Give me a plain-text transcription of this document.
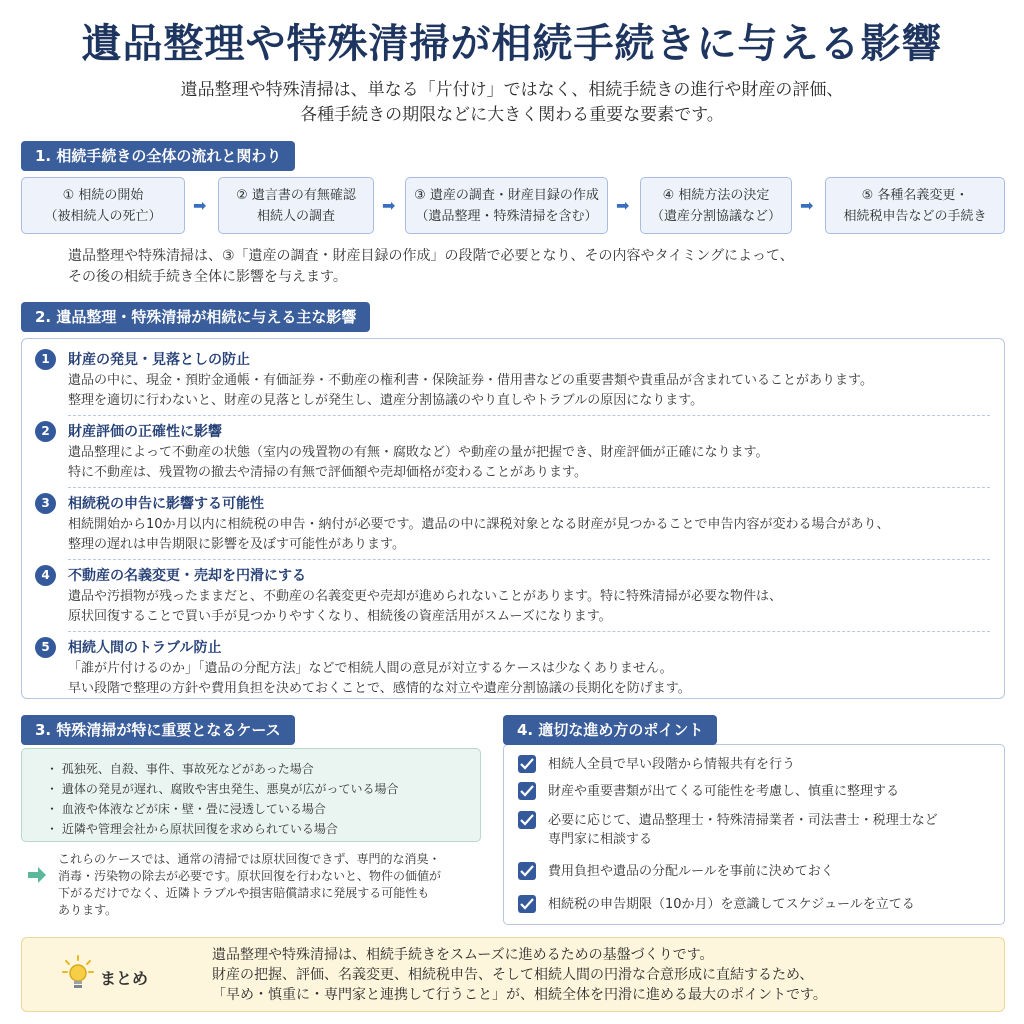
遺品整理や特殊清掃が相続手続きに与える影響
遺品整理や特殊清掃は、単なる「片付け」ではなく、相続手続きの進行や財産の評価、
各種手続きの期限などに大きく関わる重要な要素です。
1. 相続手続きの全体の流れと関わり
① 相続の開始
（被相続人の死亡）
➡
② 遺言書の有無確認
相続人の調査
➡
③ 遺産の調査・財産目録の作成
（遺品整理・特殊清掃を含む）
➡
④ 相続方法の決定
（遺産分割協議など）
➡
⑤ 各種名義変更・
相続税申告などの手続き
遺品整理や特殊清掃は、③「遺産の調査・財産目録の作成」の段階で必要となり、その内容やタイミングによって、
その後の相続手続き全体に影響を与えます。
2. 遺品整理・特殊清掃が相続に与える主な影響
1	財産の発見・見落としの防止
遺品の中に、現金・預貯金通帳・有価証券・不動産の権利書・保険証券・借用書などの重要書類や貴重品が含まれていることがあります。
整理を適切に行わないと、財産の見落としが発生し、遺産分割協議のやり直しやトラブルの原因になります。
2	財産評価の正確性に影響
遺品整理によって不動産の状態（室内の残置物の有無・腐敗など）や動産の量が把握でき、財産評価が正確になります。
特に不動産は、残置物の撤去や清掃の有無で評価額や売却価格が変わることがあります。
3	相続税の申告に影響する可能性
相続開始から10か月以内に相続税の申告・納付が必要です。遺品の中に課税対象となる財産が見つかることで申告内容が変わる場合があり、
整理の遅れは申告期限に影響を及ぼす可能性があります。
4	不動産の名義変更・売却を円滑にする
遺品や汚損物が残ったままだと、不動産の名義変更や売却が進められないことがあります。特に特殊清掃が必要な物件は、
原状回復することで買い手が見つかりやすくなり、相続後の資産活用がスムーズになります。
5	相続人間のトラブル防止
「誰が片付けるのか」「遺品の分配方法」などで相続人間の意見が対立するケースは少なくありません。
早い段階で整理の方針や費用負担を決めておくことで、感情的な対立や遺産分割協議の長期化を防げます。
3. 特殊清掃が特に重要となるケース
・ 孤独死、自殺、事件、事故死などがあった場合
・ 遺体の発見が遅れ、腐敗や害虫発生、悪臭が広がっている場合
・ 血液や体液などが床・壁・畳に浸透している場合
・ 近隣や管理会社から原状回復を求められている場合
これらのケースでは、通常の清掃では原状回復できず、専門的な消臭・
消毒・汚染物の除去が必要です。原状回復を行わないと、物件の価値が
下がるだけでなく、近隣トラブルや損害賠償請求に発展する可能性も
あります。
相続人全員で早い段階から情報共有を行う
財産や重要書類が出てくる可能性を考慮し、慎重に整理する
必要に応じて、遺品整理士・特殊清掃業者・司法書士・税理士など
専門家に相談する
費用負担や遺品の分配ルールを事前に決めておく
相続税の申告期限（10か月）を意識してスケジュールを立てる
4. 適切な進め方のポイント
まとめ
遺品整理や特殊清掃は、相続手続きをスムーズに進めるための基盤づくりです。
財産の把握、評価、名義変更、相続税申告、そして相続人間の円滑な合意形成に直結するため、
「早め・慎重に・専門家と連携して行うこと」が、相続全体を円滑に進める最大のポイントです。
